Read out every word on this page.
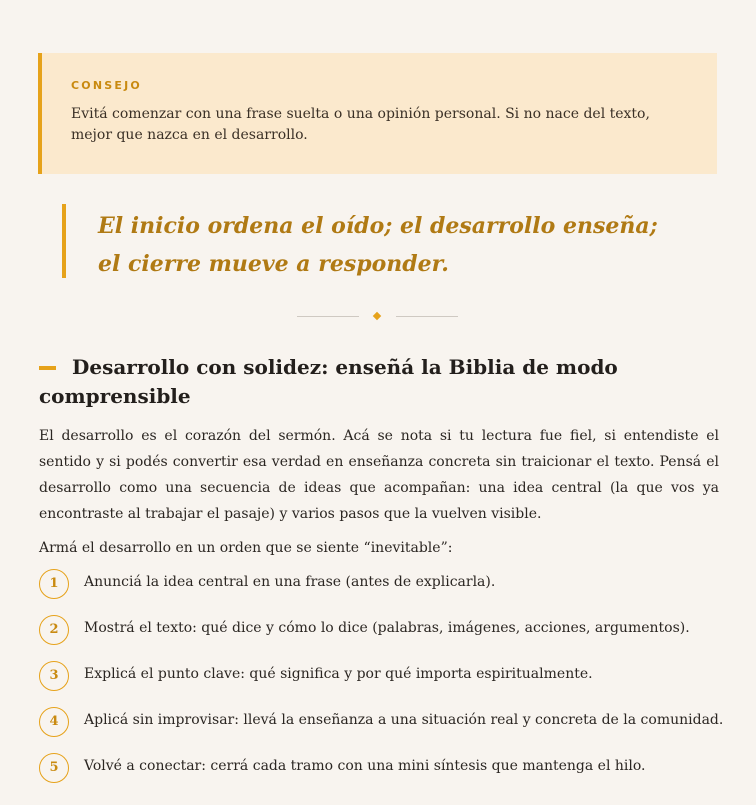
CONSEJO

Evitá comenzar con una frase suelta o una opinión personal. Si no nace del texto, mejor que nazca en el desarrollo.

El inicio ordena el oído; el desarrollo enseña; el cierre mueve a responder.

Desarrollo con solidez: enseñá la Biblia de modo comprensible

El desarrollo es el corazón del sermón. Acá se nota si tu lectura fue fiel, si entendiste el sentido y si podés convertir esa verdad en enseñanza concreta sin traicionar el texto. Pensá el desarrollo como una secuencia de ideas que acompañan: una idea central (la que vos ya encontraste al trabajar el pasaje) y varios pasos que la vuelven visible.

Armá el desarrollo en un orden que se siente “inevitable”:

1	Anunciá la idea central en una frase (antes de explicarla).
2	Mostrá el texto: qué dice y cómo lo dice (palabras, imágenes, acciones, argumentos).
3	Explicá el punto clave: qué significa y por qué importa espiritualmente.
4	Aplicá sin improvisar: llevá la enseñanza a una situación real y concreta de la comunidad.
5	Volvé a conectar: cerrá cada tramo con una mini síntesis que mantenga el hilo.
